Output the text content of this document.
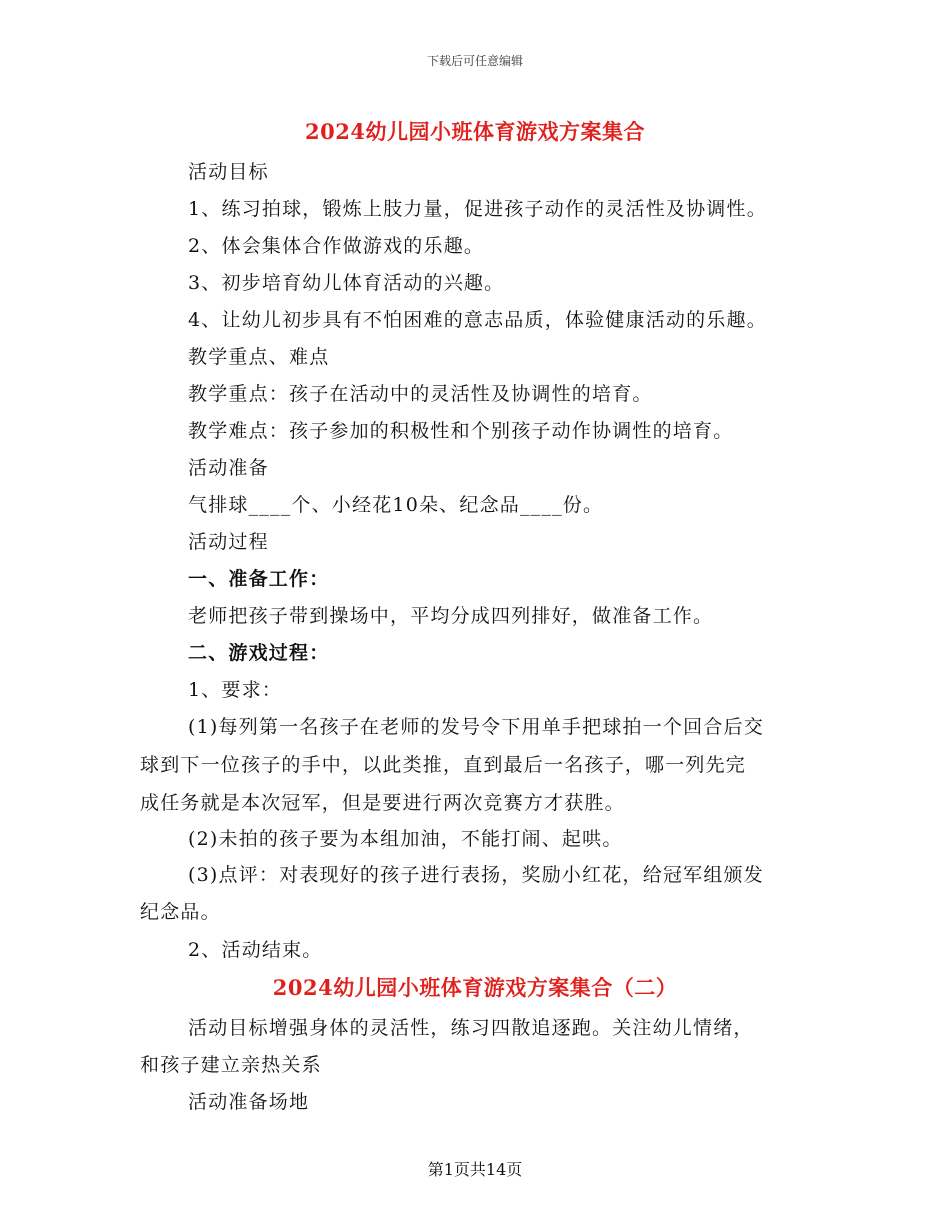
下载后可任意编辑
2024幼儿园小班体育游戏方案集合
活动目标
1、练习拍球，锻炼上肢力量，促进孩子动作的灵活性及协调性。
2、体会集体合作做游戏的乐趣。
3、初步培育幼儿体育活动的兴趣。
4、让幼儿初步具有不怕困难的意志品质，体验健康活动的乐趣。
教学重点、难点
教学重点：孩子在活动中的灵活性及协调性的培育。
教学难点：孩子参加的积极性和个别孩子动作协调性的培育。
活动准备
气排球____个、小经花10朵、纪念品____份。
活动过程
一、准备工作：
老师把孩子带到操场中，平均分成四列排好，做准备工作。
二、游戏过程：
1、要求：
(1)每列第一名孩子在老师的发号令下用单手把球拍一个回合后交
球到下一位孩子的手中，以此类推，直到最后一名孩子，哪一列先完
成任务就是本次冠军，但是要进行两次竞赛方才获胜。
(2)未拍的孩子要为本组加油，不能打闹、起哄。
(3)点评：对表现好的孩子进行表扬，奖励小红花，给冠军组颁发
纪念品。
2、活动结束。
2024幼儿园小班体育游戏方案集合（二）
活动目标增强身体的灵活性，练习四散追逐跑。关注幼儿情绪，
和孩子建立亲热关系
活动准备场地
第1页共14页
